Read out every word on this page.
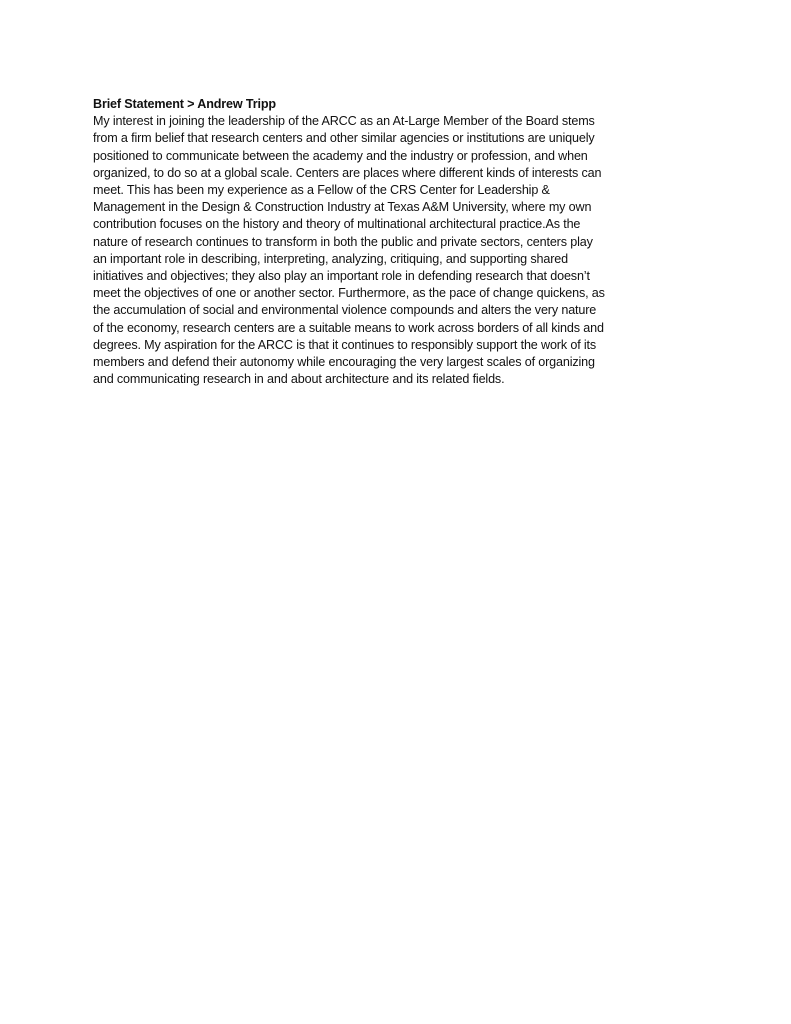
Brief Statement > Andrew Tripp

My interest in joining the leadership of the ARCC as an At-Large Member of the Board stems
from a firm belief that research centers and other similar agencies or institutions are uniquely
positioned to communicate between the academy and the industry or profession, and when
organized, to do so at a global scale. Centers are places where different kinds of interests can
meet. This has been my experience as a Fellow of the CRS Center for Leadership &
Management in the Design & Construction Industry at Texas A&M University, where my own
contribution focuses on the history and theory of multinational architectural practice.As the
nature of research continues to transform in both the public and private sectors, centers play
an important role in describing, interpreting, analyzing, critiquing, and supporting shared
initiatives and objectives; they also play an important role in defending research that doesn’t
meet the objectives of one or another sector. Furthermore, as the pace of change quickens, as
the accumulation of social and environmental violence compounds and alters the very nature
of the economy, research centers are a suitable means to work across borders of all kinds and
degrees. My aspiration for the ARCC is that it continues to responsibly support the work of its
members and defend their autonomy while encouraging the very largest scales of organizing
and communicating research in and about architecture and its related fields.
